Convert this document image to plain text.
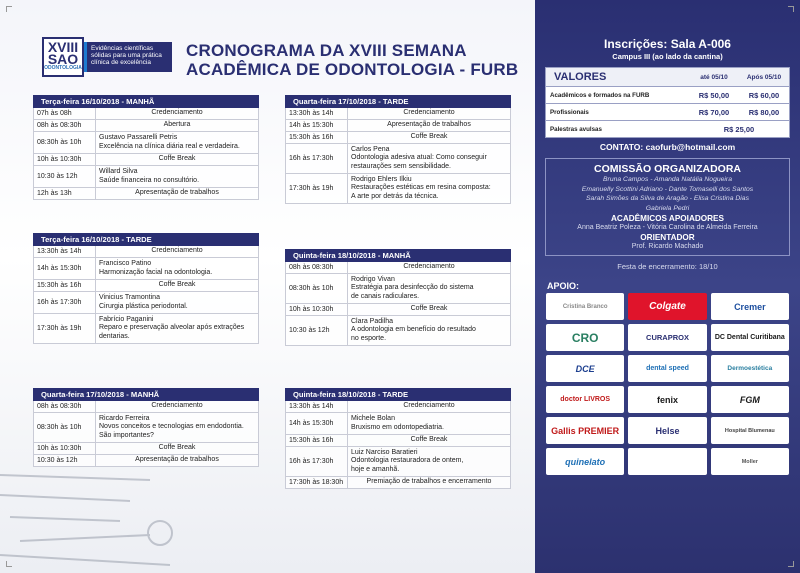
XVIII
SAO
ODONTOLOGIA
Evidências científicas sólidas para uma prática clínica de excelência
CRONOGRAMA DA XVIII SEMANA
ACADÊMICA DE ODONTOLOGIA - FURB
Terça-feira 16/10/2018 - MANHÃ
07h às 08h	Credenciamento
08h às 08:30h	Abertura
08:30h às 10h
Gustavo Passarelli Petris
Excelência na clínica diária real e verdadeira.
10h às 10:30h	Coffe Break
10:30 às 12h
Willard Silva
Saúde financeira no consultório.
12h às 13h	Apresentação de trabalhos
Terça-feira 16/10/2018 - TARDE
13:30h às 14h	Credenciamento
14h às 15:30h
Francisco Patino
Harmonização facial na odontologia.
15:30h às 16h	Coffe Break
16h às 17:30h
Vinicius Tramontina
Cirurgia plástica periodontal.
17:30h às 19h
Fabrício Paganini
Reparo e preservação alveolar após extrações
dentarias.
Quarta-feira 17/10/2018 - MANHÃ
08h às 08:30h	Credenciamento
08:30h às 10h
Ricardo Ferreira
Novos conceitos e tecnologias em endodontia.
São importantes?
10h às 10:30h	Coffe Break
10:30 às 12h	Apresentação de trabalhos
Quarta-feira 17/10/2018 - TARDE
13:30h às 14h	Credenciamento
14h às 15:30h	Apresentação de trabalhos
15:30h às 16h	Coffe Break
16h às 17:30h
Carlos Pena
Odontologia adesiva atual: Como conseguir
restaurações sem sensibilidade.
17:30h às 19h
Rodrigo Ehlers Ilkiu
Restaurações estéticas em resina composta:
A arte por detrás da técnica.
Quinta-feira 18/10/2018 - MANHÃ
08h às 08:30h	Credenciamento
08:30h às 10h
Rodrigo Vivan
Estratégia para desinfecção do sistema
de canais radiculares.
10h às 10:30h	Coffe Break
10:30 às 12h
Clara Padilha
A odontologia em benefício do resultado
no esporte.
Quinta-feira 18/10/2018 - TARDE
13:30h às 14h	Credenciamento
14h às 15:30h
Michele Bolan
Bruxismo em odontopediatria.
15:30h às 16h	Coffe Break
16h às 17:30h
Luiz Narciso Baratieri
Odontologia restauradora de ontem,
hoje e amanhã.
17:30h às 18:30h	Premiação de trabalhos e encerramento
Inscrições: Sala A-006
Campus III (ao lado da cantina)
VALORES	até 05/10	Após 05/10
Acadêmicos e formados na FURB	R$ 50,00	R$ 60,00
Profissionais	R$ 70,00	R$ 80,00
Palestras avulsas	R$ 25,00
CONTATO: caofurb@hotmail.com
COMISSÃO ORGANIZADORA
Bruna Campos - Amanda Natália Nogueira
Emanuelly Scottini Adriano - Dante Tomaselli dos Santos
Sarah Simões da Silva de Aragão - Elisa Cristina Dias
Gabriela Pedri
ACADÊMICOS APOIADORES
Anna Beatriz Poleza - Vitória Carolina de Almeida Ferreira
ORIENTADOR
Prof. Ricardo Machado
Festa de encerramento: 18/10
APOIO:
Cristina Branco	Colgate	Cremer
CRO	CURAPROX	DC Dental Curitibana
DCE	dental speed	Dermoestética
doctor LIVROS	fenix	FGM
Gallis PREMIER	Helse	Hospital Blumenau
quinelato	Moller
